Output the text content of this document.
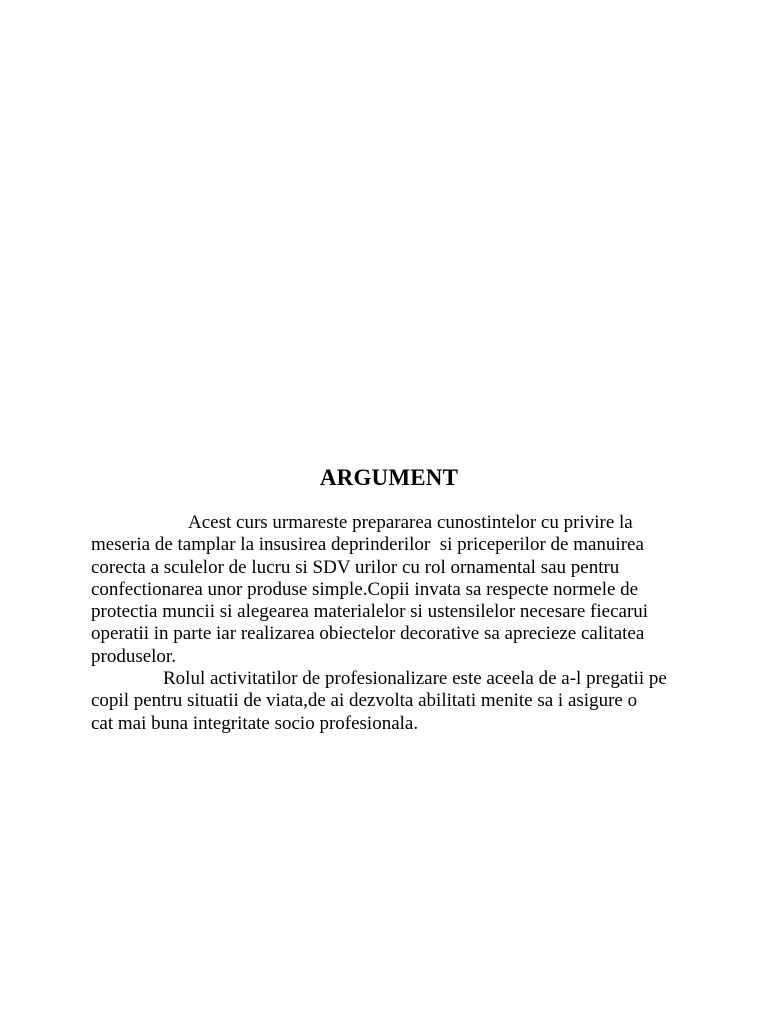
ARGUMENT
Acest curs urmareste prepararea cunostintelor cu privire la
meseria de tamplar la insusirea deprinderilor  si priceperilor de manuirea
corecta a sculelor de lucru si SDV urilor cu rol ornamental sau pentru
confectionarea unor produse simple.Copii invata sa respecte normele de
protectia muncii si alegearea materialelor si ustensilelor necesare fiecarui
operatii in parte iar realizarea obiectelor decorative sa aprecieze calitatea
produselor.
Rolul activitatilor de profesionalizare este aceela de a-l pregatii pe
copil pentru situatii de viata,de ai dezvolta abilitati menite sa i asigure o
cat mai buna integritate socio profesionala.
